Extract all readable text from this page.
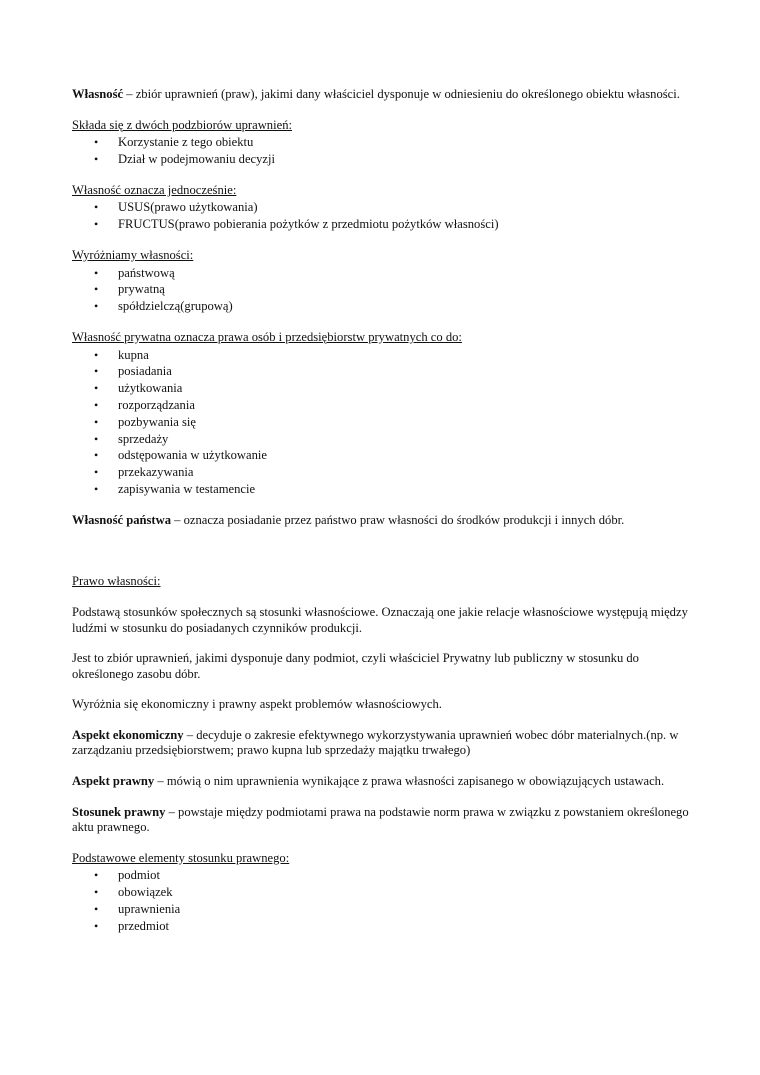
Własność – zbiór uprawnień (praw), jakimi dany właściciel dysponuje w odniesieniu do określonego obiektu własności.

Składa się z dwóch podzbiorów uprawnień:

• Korzystanie z tego obiektu
• Dział w podejmowaniu decyzji

Własność oznacza jednocześnie:

• USUS(prawo użytkowania)
• FRUCTUS(prawo pobierania pożytków z przedmiotu pożytków własności)

Wyróżniamy własności:

• państwową
• prywatną
• spółdzielczą(grupową)

Własność prywatna oznacza prawa osób i przedsiębiorstw prywatnych co do:

• kupna
• posiadania
• użytkowania
• rozporządzania
• pozbywania się
• sprzedaży
• odstępowania w użytkowanie
• przekazywania
• zapisywania w testamencie

Własność państwa – oznacza posiadanie przez państwo praw własności do środków produkcji i innych dóbr.

Prawo własności:

Podstawą stosunków społecznych są stosunki własnościowe. Oznaczają one jakie relacje własnościowe występują między ludźmi w stosunku do posiadanych czynników produkcji.

Jest to zbiór uprawnień, jakimi dysponuje dany podmiot, czyli właściciel Prywatny lub publiczny w stosunku do określonego zasobu dóbr.

Wyróżnia się ekonomiczny i prawny aspekt problemów własnościowych.

Aspekt ekonomiczny – decyduje o zakresie efektywnego wykorzystywania uprawnień wobec dóbr materialnych.(np. w zarządzaniu przedsiębiorstwem; prawo kupna lub sprzedaży majątku trwałego)

Aspekt prawny – mówią o nim uprawnienia wynikające z prawa własności zapisanego w obowiązujących ustawach.

Stosunek prawny – powstaje między podmiotami prawa na podstawie norm prawa w związku z powstaniem określonego aktu prawnego.

Podstawowe elementy stosunku prawnego:

• podmiot
• obowiązek
• uprawnienia
• przedmiot
